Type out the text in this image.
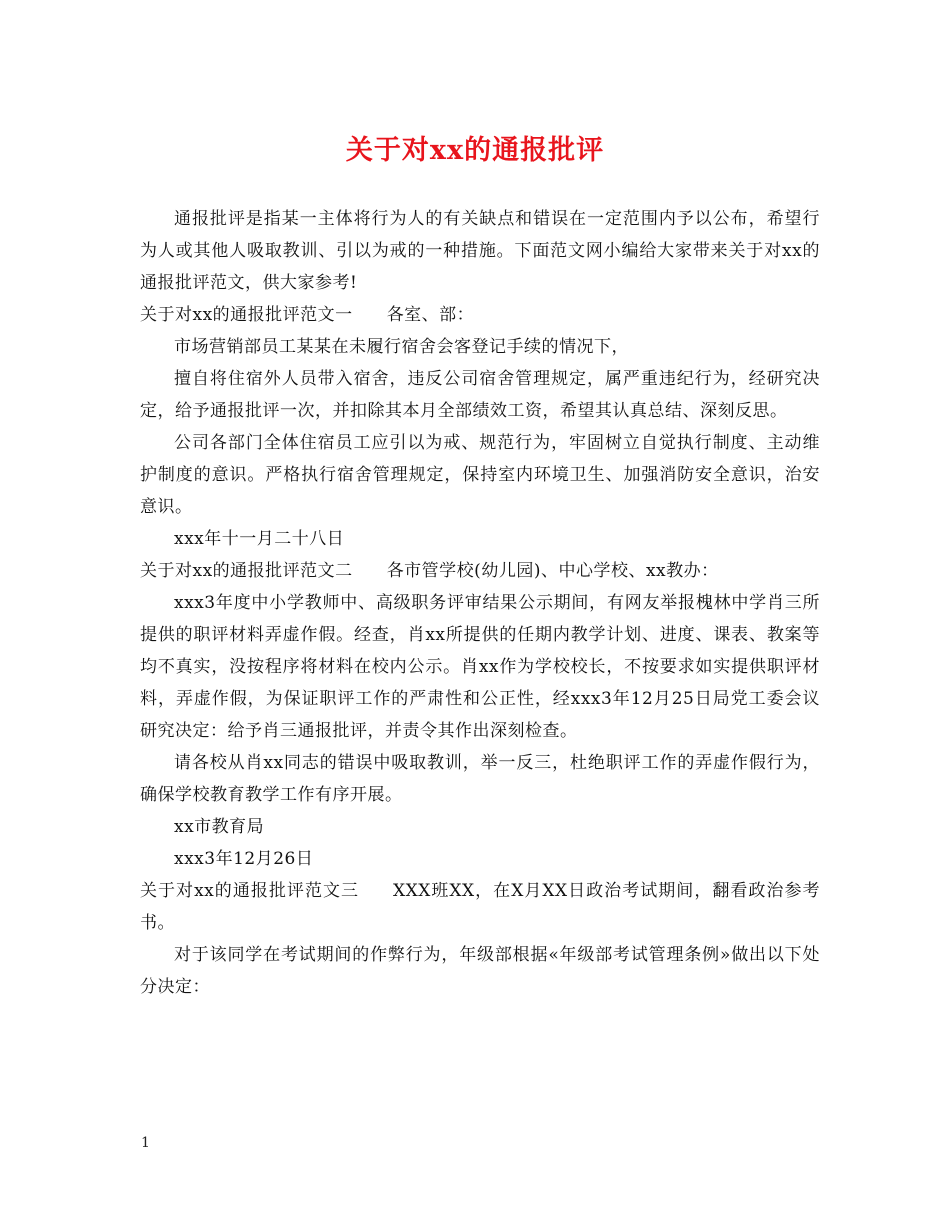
关于对xx的通报批评

通报批评是指某一主体将行为人的有关缺点和错误在一定范围内予以公布，希望行为人或其他人吸取教训、引以为戒的一种措施。下面范文网小编给大家带来关于对xx的通报批评范文，供大家参考!

关于对xx的通报批评范文一 各室、部：

市场营销部员工某某在未履行宿舍会客登记手续的情况下，

擅自将住宿外人员带入宿舍，违反公司宿舍管理规定，属严重违纪行为，经研究决定，给予通报批评一次，并扣除其本月全部绩效工资，希望其认真总结、深刻反思。

公司各部门全体住宿员工应引以为戒、规范行为，牢固树立自觉执行制度、主动维护制度的意识。严格执行宿舍管理规定，保持室内环境卫生、加强消防安全意识，治安意识。

xxx年十一月二十八日

关于对xx的通报批评范文二 各市管学校(幼儿园)、中心学校、xx教办：

xxx3年度中小学教师中、高级职务评审结果公示期间，有网友举报槐林中学肖三所提供的职评材料弄虚作假。经查，肖xx所提供的任期内教学计划、进度、课表、教案等均不真实，没按程序将材料在校内公示。肖xx作为学校校长，不按要求如实提供职评材料，弄虚作假，为保证职评工作的严肃性和公正性，经xxx3年12月25日局党工委会议研究决定：给予肖三通报批评，并责令其作出深刻检查。

请各校从肖xx同志的错误中吸取教训，举一反三，杜绝职评工作的弄虚作假行为，确保学校教育教学工作有序开展。

xx市教育局

xxx3年12月26日

关于对xx的通报批评范文三 XXX班XX，在X月XX日政治考试期间，翻看政治参考书。

对于该同学在考试期间的作弊行为，年级部根据«年级部考试管理条例»做出以下处分决定：

1
